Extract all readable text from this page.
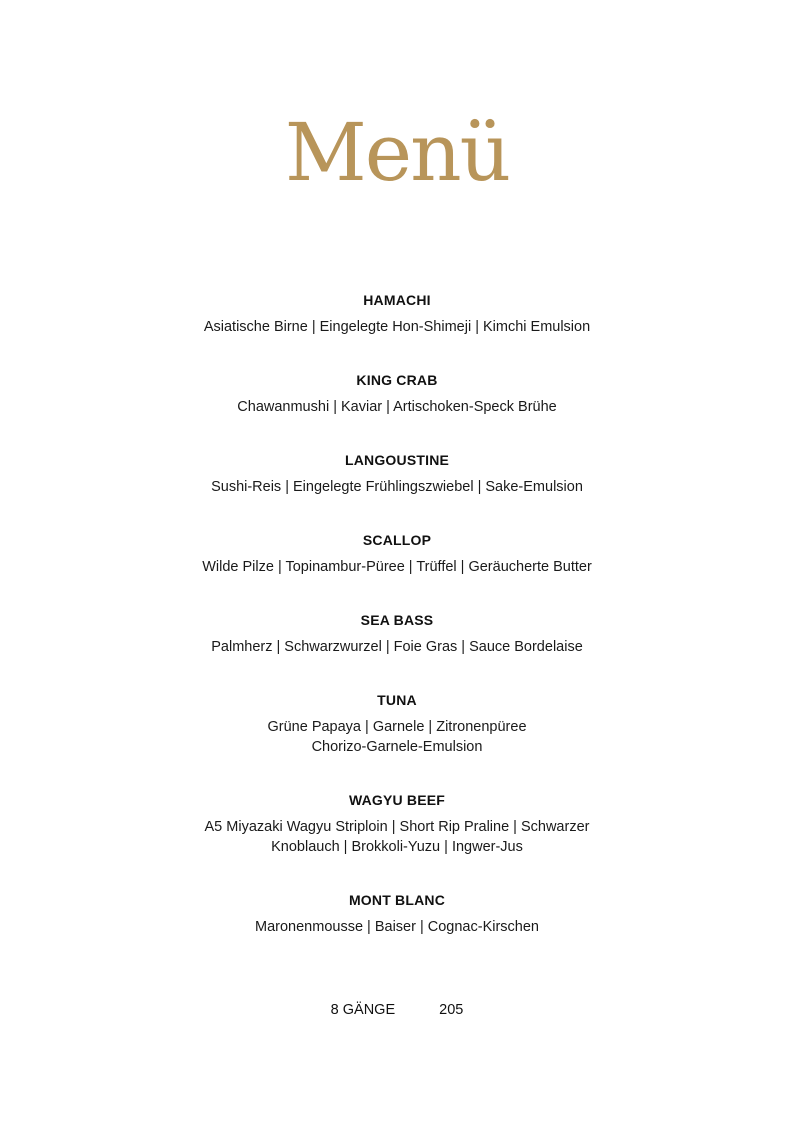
Menü
HAMACHI
Asiatische Birne | Eingelegte Hon-Shimeji | Kimchi Emulsion
KING CRAB
Chawanmushi | Kaviar | Artischoken-Speck Brühe
LANGOUSTINE
Sushi-Reis | Eingelegte Frühlingszwiebel | Sake-Emulsion
SCALLOP
Wilde Pilze | Topinambur-Püree | Trüffel | Geräucherte Butter
SEA BASS
Palmherz | Schwarzwurzel | Foie Gras | Sauce Bordelaise
TUNA
Grüne Papaya | Garnele | Zitronenpüree Chorizo-Garnele-Emulsion
WAGYU BEEF
A5 Miyazaki Wagyu Striploin | Short Rip Praline | Schwarzer Knoblauch | Brokkoli-Yuzu | Ingwer-Jus
MONT BLANC
Maronenmousse | Baiser | Cognac-Kirschen
8 GÄNGE	205
